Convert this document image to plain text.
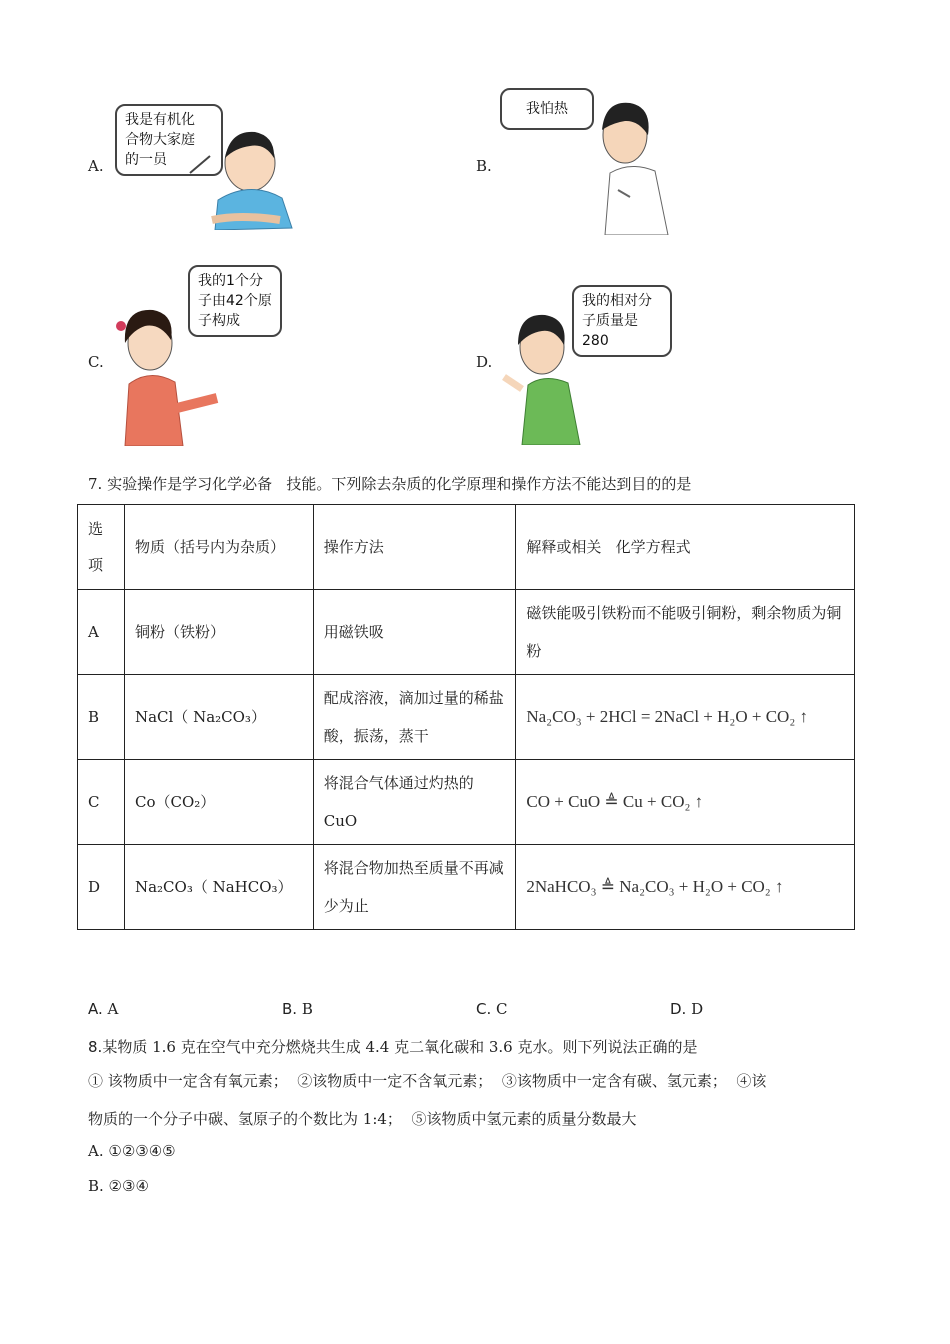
A.
我是有机化
合物大家庭
的一员	B.
我怕热
C.
我的1个分
子由42个原
子构成
D.
我的相对分
子质量是280
7. 实验操作是学习化学必备   技能。下列除去杂质的化学原理和操作方法不能达到目的的是
选
项	物质（括号内为杂质）	操作方法	解释或相关   化学方程式
A	铜粉（铁粉）	用磁铁吸	磁铁能吸引铁粉而不能吸引铜粉，剩余物质为铜粉
B	NaCl（ Na₂CO₃）	配成溶液，滴加过量的稀盐酸，振荡，蒸干	Na₂CO₃ + 2HCl = 2NaCl + H₂O + CO₂ ↑
C	Co（CO₂）	将混合气体通过灼热的CuO	CO + CuO ≜ Cu + CO₂ ↑
D	Na₂CO₃（ NaHCO₃）	将混合物加热至质量不再减少为止	2NaHCO₃ ≜ Na₂CO₃ + H₂O + CO₂ ↑
A. A	B. B	C. C	D. D
8.某物质 1.6 克在空气中充分燃烧共生成 4.4 克二氧化碳和 3.6 克水。则下列说法正确的是
① 该物质中一定含有氧元素；  ②该物质中一定不含氧元素；  ③该物质中一定含有碳、氢元素；  ④该
物质的一个分子中碳、氢原子的个数比为 1:4；  ⑤该物质中氢元素的质量分数最大
A. ①②③④⑤
B. ②③④
